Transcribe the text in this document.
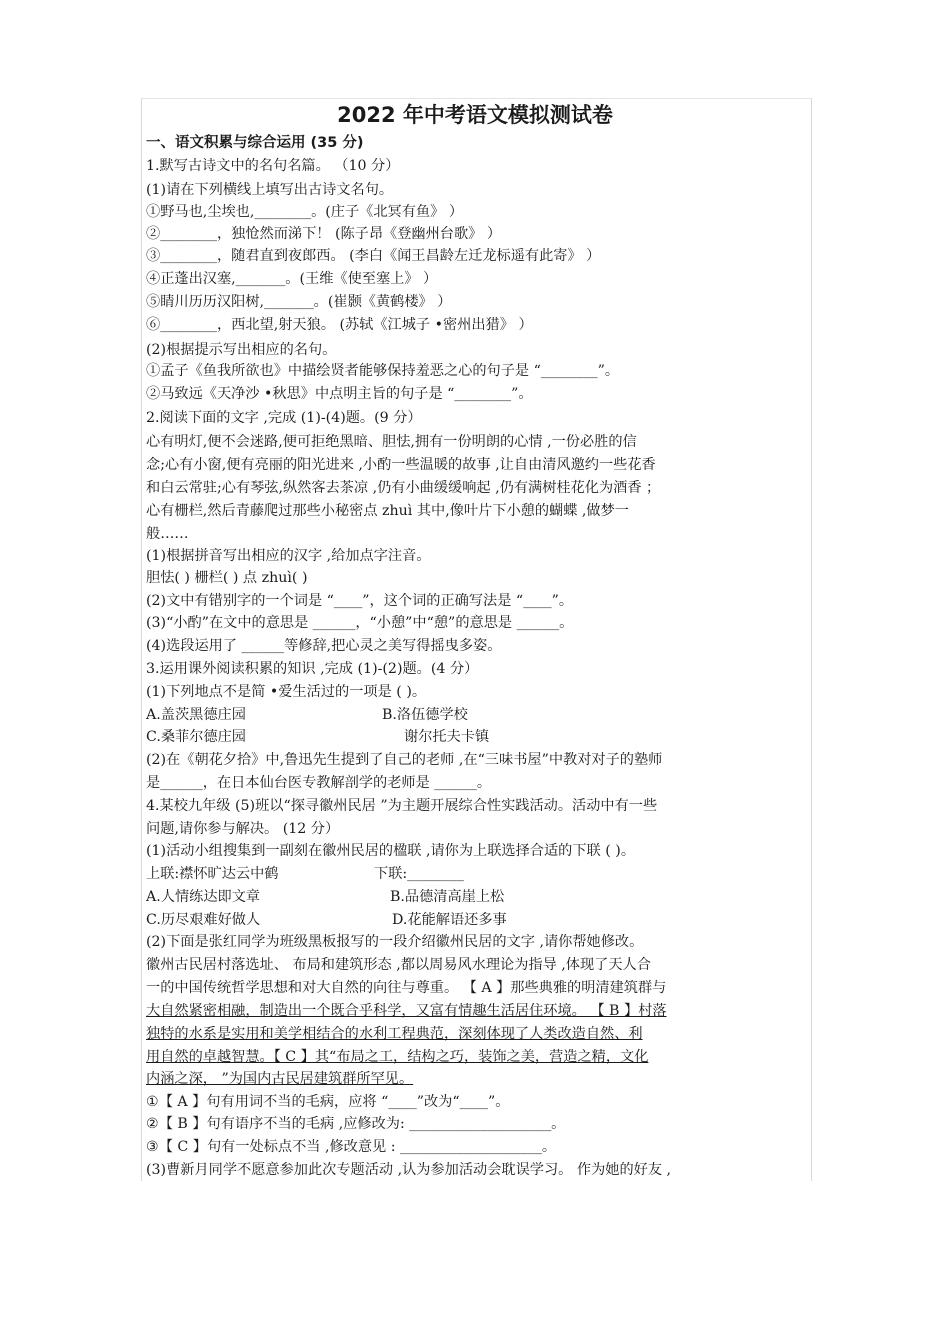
2022 年中考语文模拟测试卷
一、语文积累与综合运用 (35 分)
1.默写古诗文中的名句名篇。 （10 分）
(1)请在下列横线上填写出古诗文名句。
①野马也,尘埃也,________。(庄子《北冥有鱼》 ）
②________，独怆然而涕下！ (陈子昂《登幽州台歌》 ）
③________，随君直到夜郎西。 (李白《闻王昌龄左迁龙标遥有此寄》 ）
④正蓬出汉塞,_______。(王维《使至塞上》 ）
⑤睛川历历汉阳树,_______。(崔颢《黄鹤楼》 ）
⑥________，西北望,射天狼。 (苏轼《江城子 •密州出猎》 ）
(2)根据提示写出相应的名句。
①孟子《鱼我所欲也》中描绘贤者能够保持羞恶之心的句子是 “________”。
②马致远《天净沙 •秋思》中点明主旨的句子是 “________”。
2.阅读下面的文字 ,完成 (1)-(4)题。(9 分）
心有明灯,便不会迷路,便可拒绝黑暗、胆怯,拥有一份明朗的心情 ,一份必胜的信
念;心有小窗,便有亮丽的阳光进来 ,小酌一些温暖的故事 ,让自由清风邀约一些花香
和白云常驻;心有琴弦,纵然客去茶凉 ,仍有小曲缓缓响起 ,仍有满树桂花化为酒香 ；
心有栅栏,然后青藤爬过那些小秘密点 zhuì 其中,像叶片下小憩的蝴蝶 ,做梦一
般……
(1)根据拼音写出相应的汉字 ,给加点字注音。
胆怯( ) 栅栏( ) 点 zhuì( )
(2)文中有错别字的一个词是 “____”，这个词的正确写法是 “____”。
(3)“小酌”在文中的意思是 ______，“小憩”中“憩”的意思是 ______。
(4)选段运用了 ______等修辞,把心灵之美写得摇曳多姿。
3.运用课外阅读积累的知识 ,完成 (1)-(2)题。(4 分）
(1)下列地点不是简 •爱生活过的一项是 ( )。
A.盖茨黑德庄园	B.洛伍德学校
C.桑菲尔德庄园	谢尔托夫卡镇
(2)在《朝花夕拾》中,鲁迅先生提到了自己的老师 ,在“三味书屋”中教对对子的塾师
是______，在日本仙台医专教解剖学的老师是 ______。
4.某校九年级 (5)班以“探寻徽州民居 ”为主题开展综合性实践活动。活动中有一些
问题,请你参与解决。 (12 分）
(1)活动小组搜集到一副刻在徽州民居的楹联 ,请你为上联选择合适的下联 ( )。
上联:襟怀旷达云中鹤	下联:________
A.人情练达即文章	B.品德清高崖上松
C.历尽艰难好做人	D.花能解语还多事
(2)下面是张红同学为班级黑板报写的一段介绍徽州民居的文字 ,请你帮她修改。
徽州古民居村落选址、 布局和建筑形态 ,都以周易风水理论为指导 ,体现了天人合
一的中国传统哲学思想和对大自然的向往与尊重。 【 A 】那些典雅的明清建筑群与
大自然紧密相融，制造出一个既合乎科学，又富有情趣生活居住环境。 【 B 】村落
独特的水系是实用和美学相结合的水利工程典范，深刻体现了人类改造自然、利
用自然的卓越智慧。【 C 】其“布局之工，结构之巧，装饰之美，营造之精，文化
内涵之深， ”为国内古民居建筑群所罕见。
①【 A 】句有用词不当的毛病，应将 “____”改为“____”。
②【 B 】句有语序不当的毛病 ,应修改为: ____________________。
③【 C 】句有一处标点不当 ,修改意见 : ____________________。
(3)曹新月同学不愿意参加此次专题活动 ,认为参加活动会耽误学习。 作为她的好友 ,
